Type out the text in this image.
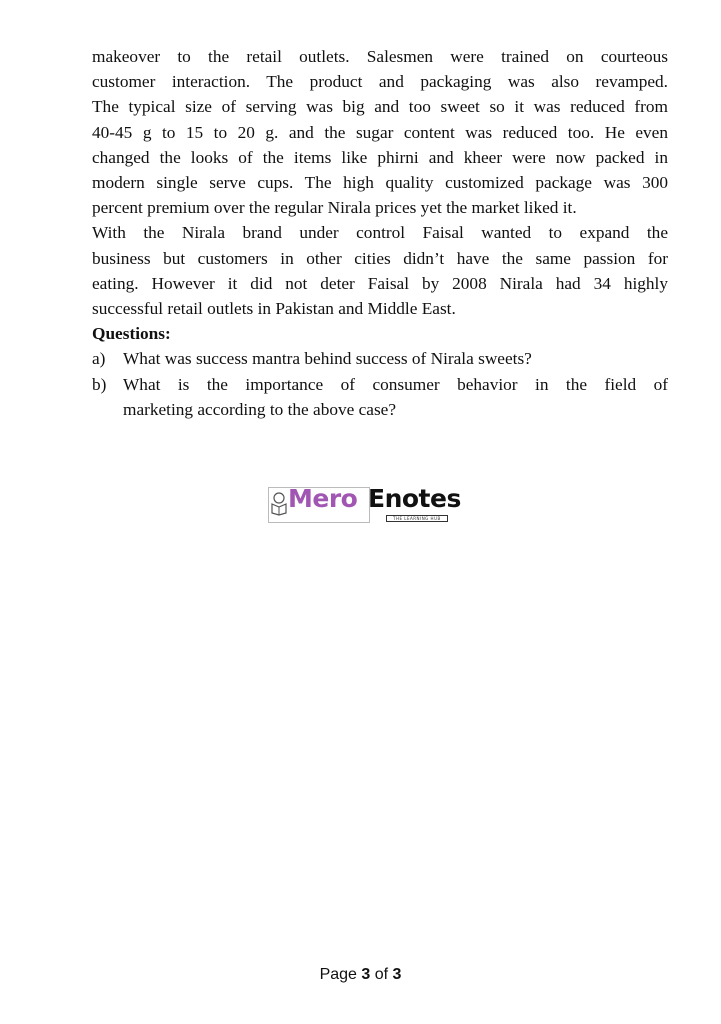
makeover to the retail outlets. Salesmen were trained on courteous
customer interaction. The product and packaging was also revamped.
The typical size of serving was big and too sweet so it was reduced from
40-45 g to 15 to 20 g. and the sugar content was reduced too. He even
changed the looks of the items like phirni and kheer were now packed in
modern single serve cups. The high quality customized package was 300
percent premium over the regular Nirala prices yet the market liked it.
With the Nirala brand under control Faisal wanted to expand the
business but customers in other cities didn’t have the same passion for
eating. However it did not deter Faisal by 2008 Nirala had 34 highly
successful retail outlets in Pakistan and Middle East.
Questions:
a)	What was success mantra behind success of Nirala sweets?
b) What is the importance of consumer behavior in the field of
marketing according to the above case?
Mero Enotes
THE LEARNING HUB
Page 3 of 3
